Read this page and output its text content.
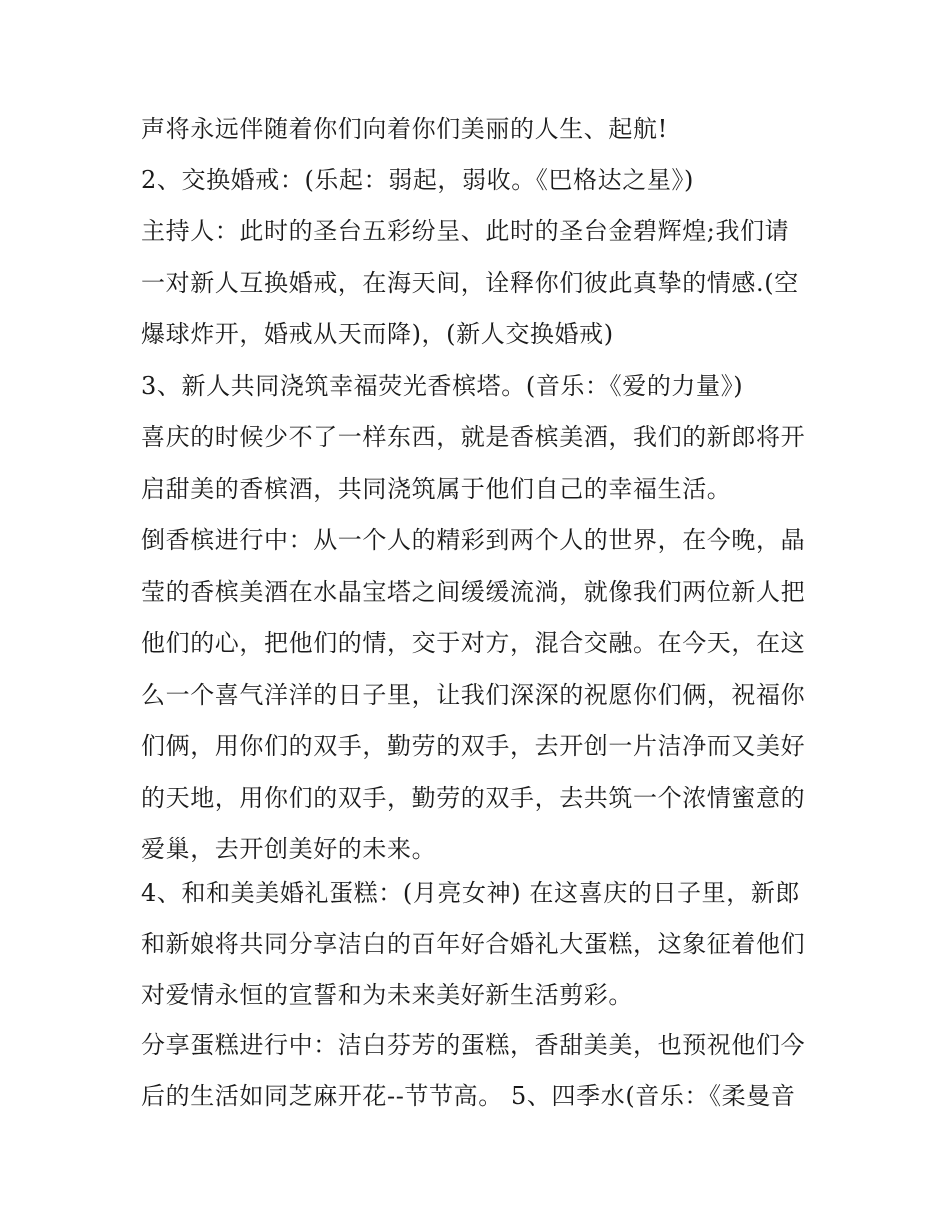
声将永远伴随着你们向着你们美丽的人生、起航!
2、交换婚戒：(乐起：弱起，弱收。《巴格达之星》)
主持人：此时的圣台五彩纷呈、此时的圣台金碧辉煌;我们请
一对新人互换婚戒，在海天间，诠释你们彼此真挚的情感.(空
爆球炸开，婚戒从天而降)，(新人交换婚戒)
3、新人共同浇筑幸福荧光香槟塔。(音乐：《爱的力量》)
喜庆的时候少不了一样东西，就是香槟美酒，我们的新郎将开
启甜美的香槟酒，共同浇筑属于他们自己的幸福生活。
倒香槟进行中：从一个人的精彩到两个人的世界，在今晚，晶
莹的香槟美酒在水晶宝塔之间缓缓流淌，就像我们两位新人把
他们的心，把他们的情，交于对方，混合交融。在今天，在这
么一个喜气洋洋的日子里，让我们深深的祝愿你们俩，祝福你
们俩，用你们的双手，勤劳的双手，去开创一片洁净而又美好
的天地，用你们的双手，勤劳的双手，去共筑一个浓情蜜意的
爱巢，去开创美好的未来。
4、和和美美婚礼蛋糕：(月亮女神) 在这喜庆的日子里，新郎
和新娘将共同分享洁白的百年好合婚礼大蛋糕，这象征着他们
对爱情永恒的宣誓和为未来美好新生活剪彩。
分享蛋糕进行中：洁白芬芳的蛋糕，香甜美美，也预祝他们今
后的生活如同芝麻开花--节节高。 5、四季水(音乐：《柔曼音
